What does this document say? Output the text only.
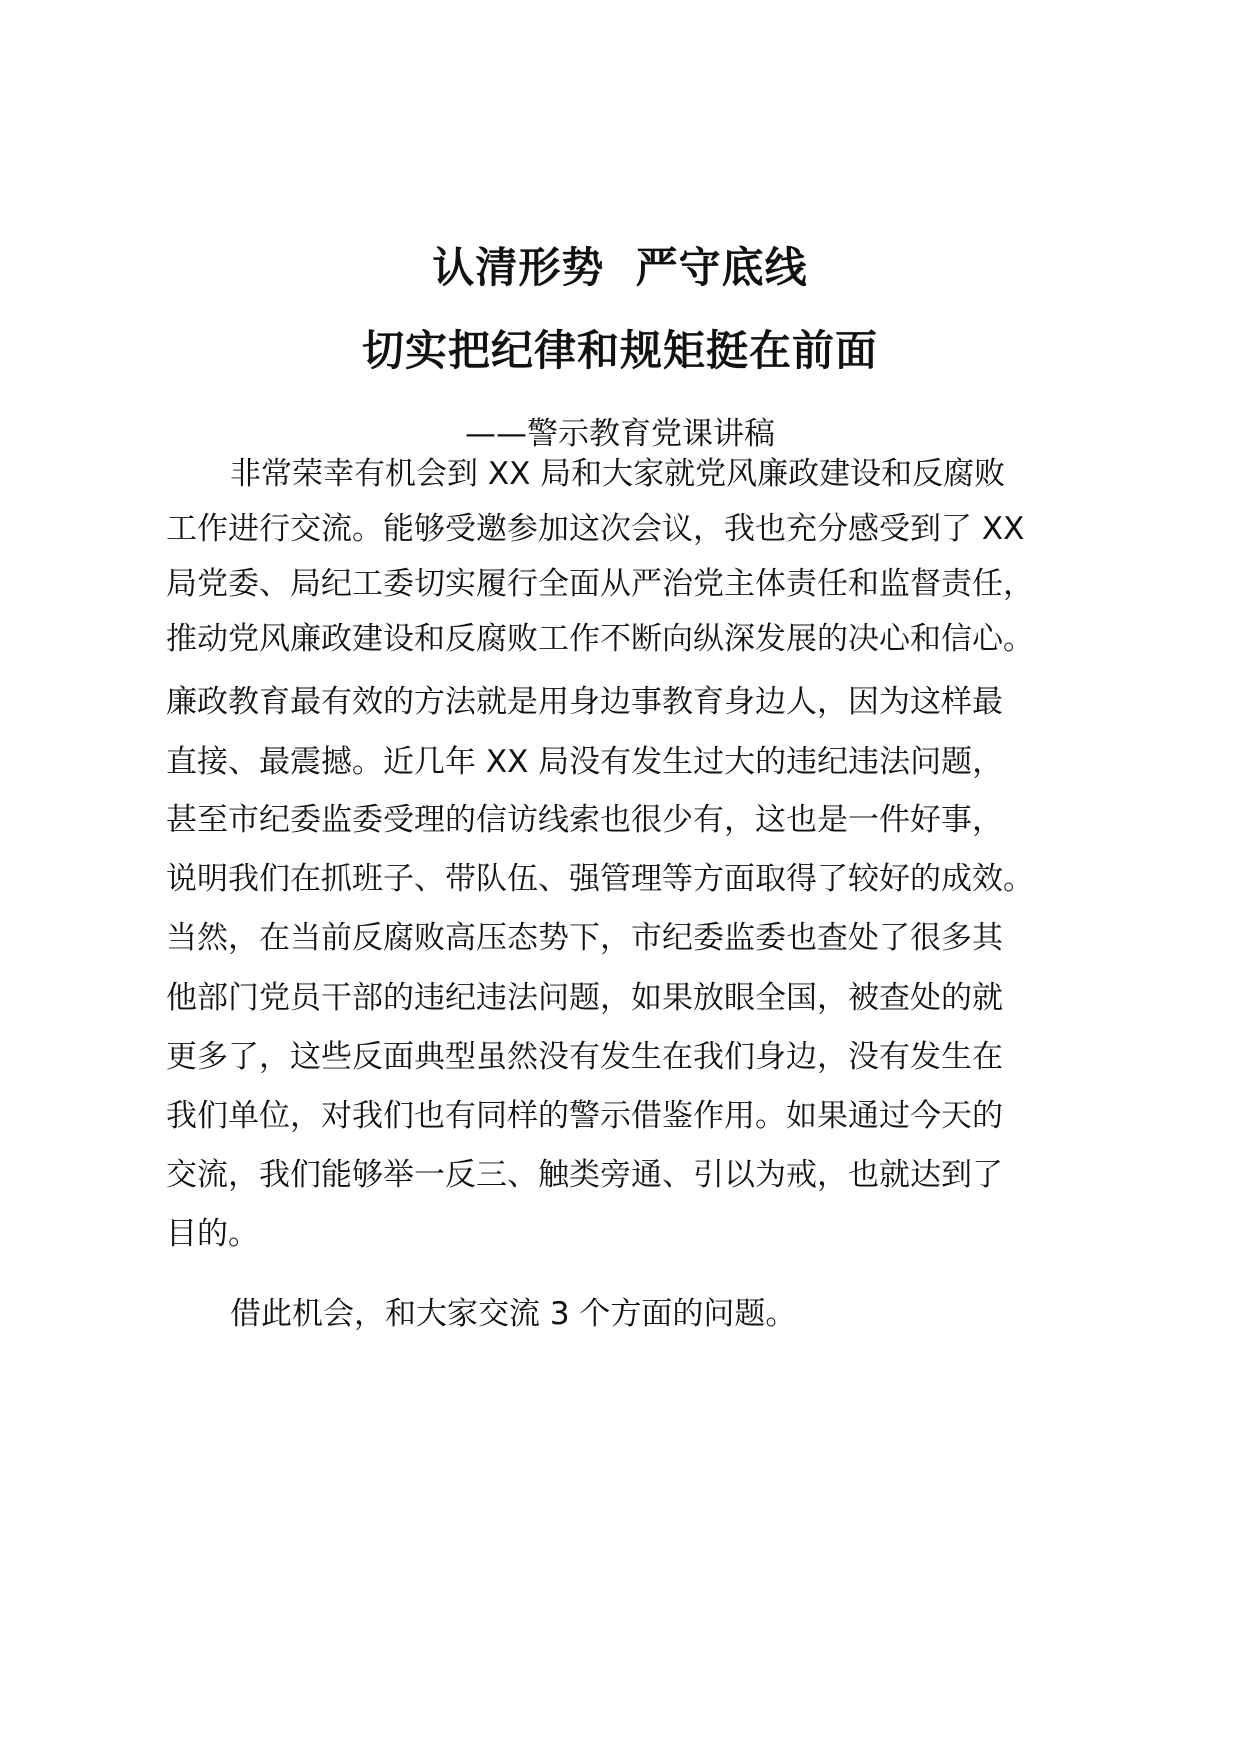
认清形势  严守底线
切实把纪律和规矩挺在前面
——警示教育党课讲稿
非常荣幸有机会到 XX 局和大家就党风廉政建设和反腐败
工作进行交流。能够受邀参加这次会议，我也充分感受到了 XX
局党委、局纪工委切实履行全面从严治党主体责任和监督责任，
推动党风廉政建设和反腐败工作不断向纵深发展的决心和信心。
廉政教育最有效的方法就是用身边事教育身边人，因为这样最
直接、最震撼。近几年 XX 局没有发生过大的违纪违法问题，
甚至市纪委监委受理的信访线索也很少有，这也是一件好事，
说明我们在抓班子、带队伍、强管理等方面取得了较好的成效。
当然，在当前反腐败高压态势下，市纪委监委也查处了很多其
他部门党员干部的违纪违法问题，如果放眼全国，被查处的就
更多了，这些反面典型虽然没有发生在我们身边，没有发生在
我们单位，对我们也有同样的警示借鉴作用。如果通过今天的
交流，我们能够举一反三、触类旁通、引以为戒，也就达到了
目的。
借此机会，和大家交流 3 个方面的问题。
